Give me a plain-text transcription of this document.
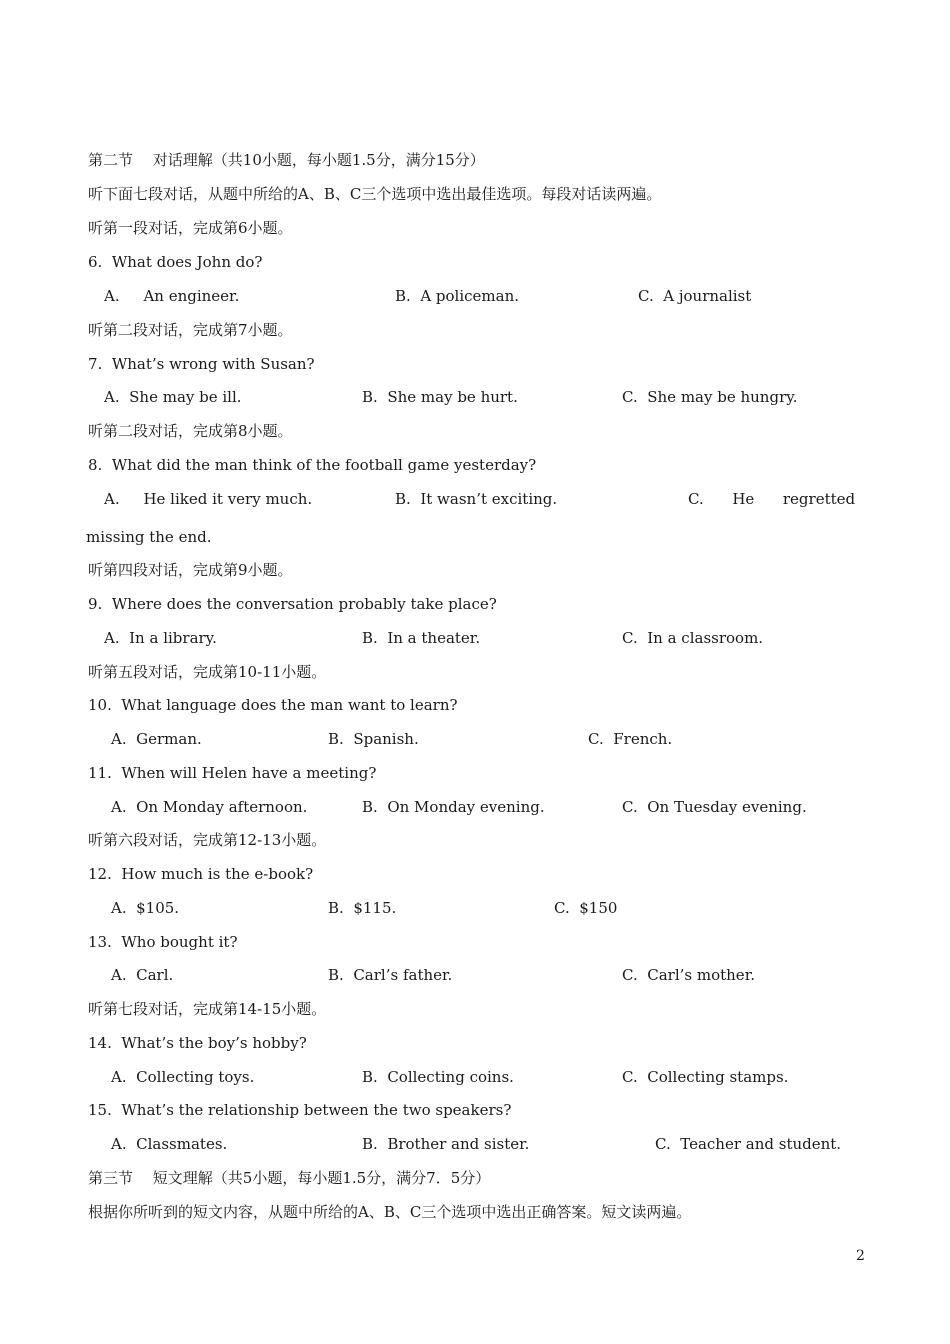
第二节　 对话理解（共10小题，每小题1.5分，满分15分）
听下面七段对话，从题中所给的A、B、C三个选项中选出最佳选项。每段对话读两遍。
听第一段对话，完成第6小题。
6.  What does John do?
A.     An engineer.	B.  A policeman.	C.  A journalist
听第二段对话，完成第7小题。
7.  What’s wrong with Susan?
A.  She may be ill.	B.  She may be hurt.	C.  She may be hungry.
听第二段对话，完成第8小题。
8.  What did the man think of the football game yesterday?
A.     He liked it very much.	B.  It wasn’t exciting.	C.      He      regretted
missing the end.
听第四段对话，完成第9小题。
9.  Where does the conversation probably take place?
A.  In a library.	B.  In a theater.	C.  In a classroom.
听第五段对话，完成第10-11小题。
10.  What language does the man want to learn?
A.  German.	B.  Spanish.	C.  French.
11.  When will Helen have a meeting?
A.  On Monday afternoon.	B.  On Monday evening.	C.  On Tuesday evening.
听第六段对话，完成第12-13小题。
12.  How much is the e-book?
A.  $105.	B.  $115.	C.  $150
13.  Who bought it?
A.  Carl.	B.  Carl’s father.	C.  Carl’s mother.
听第七段对话，完成第14-15小题。
14.  What’s the boy’s hobby?
A.  Collecting toys.	B.  Collecting coins.	C.  Collecting stamps.
15.  What’s the relationship between the two speakers?
A.  Classmates.	B.  Brother and sister.	C.  Teacher and student.
第三节　 短文理解（共5小题，每小题1.5分，满分7．5分）
根据你所听到的短文内容，从题中所给的A、B、C三个选项中选出正确答案。短文读两遍。
2
